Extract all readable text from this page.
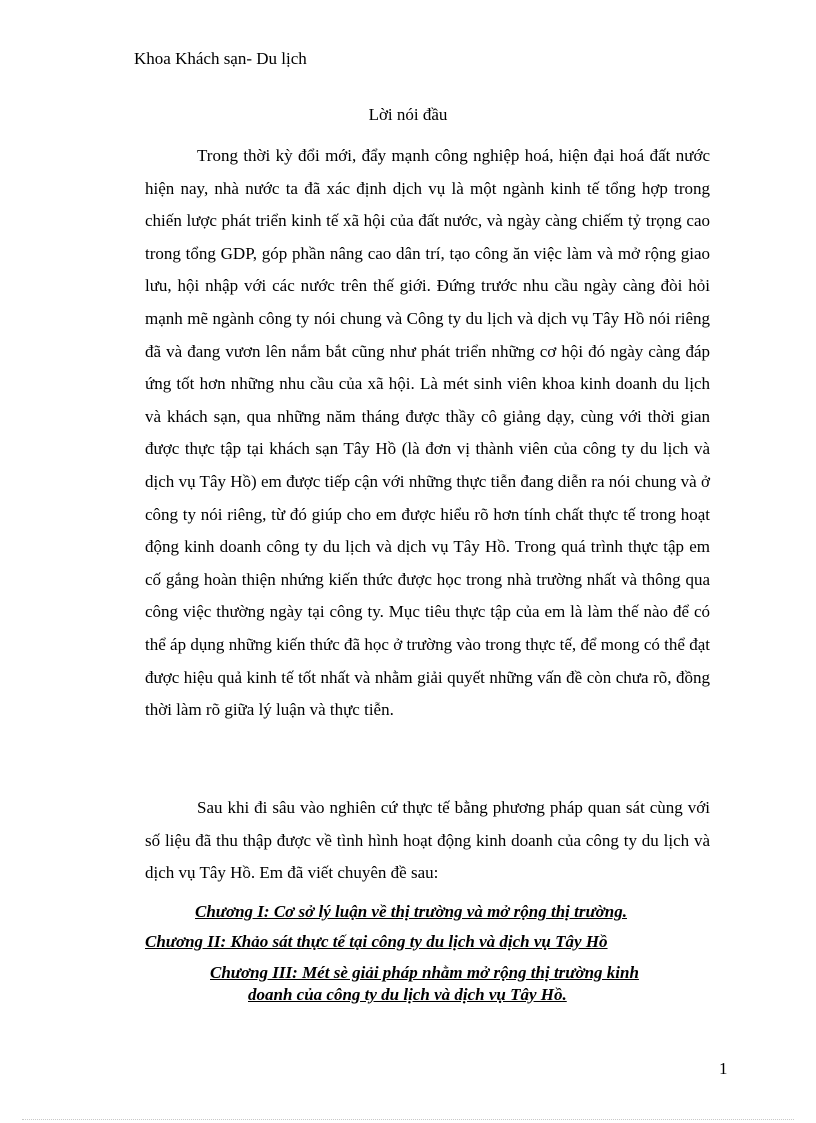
Khoa Khách sạn- Du lịch
Lời nói đầu

Trong thời kỳ đổi mới, đẩy mạnh công nghiệp hoá, hiện đại hoá đất nước hiện nay, nhà nước ta đã xác định dịch vụ là một ngành kinh tế tổng hợp trong chiến lược phát triển kinh tế xã hội của đất nước, và ngày càng chiếm tỷ trọng cao trong tổng GDP, góp phần nâng cao dân trí, tạo công ăn việc làm và mở rộng giao lưu, hội nhập với các nước trên thế giới. Đứng trước nhu cầu ngày càng đòi hỏi mạnh mẽ ngành công ty nói chung và Công ty du lịch và dịch vụ Tây Hồ nói riêng đã và đang vươn lên nắm bắt cũng như phát triển những cơ hội đó ngày càng đáp ứng tốt hơn những nhu cầu của xã hội. Là mét sinh viên khoa kinh doanh du lịch và khách sạn, qua những năm tháng được thầy cô giảng dạy, cùng với thời gian được thực tập tại khách sạn Tây Hồ (là đơn vị thành viên của công ty du lịch và dịch vụ Tây Hồ) em được tiếp cận với những thực tiễn đang diễn ra nói chung và ở công ty nói riêng, từ đó giúp cho em được hiểu rõ hơn tính chất thực tế trong hoạt động kinh doanh công ty du lịch và dịch vụ Tây Hồ. Trong quá trình thực tập em cố gắng hoàn thiện nhứng kiến thức được học trong nhà trường nhất và thông qua công việc thường ngày tại công ty. Mục tiêu thực tập của em là làm thế nào để có thể áp dụng những kiến thức đã học ở trường vào trong thực tế, để mong có thể đạt được hiệu quả kinh tế tốt nhất và nhằm giải quyết những vấn đề còn chưa rõ, đồng thời làm rõ giữa lý luận và thực tiễn.

Sau khi đi sâu vào nghiên cứ thực tế bằng phương pháp quan sát cùng với số liệu đã thu thập được về tình hình hoạt động kinh doanh của công ty du lịch và dịch vụ Tây Hồ. Em đã viết chuyên đề sau:

Chương I: Cơ sở lý luận về thị trường và mở rộng thị trường.
Chương II: Khảo sát thực tế tại công ty du lịch và dịch vụ Tây Hồ
Chương III: Mét sè giải pháp nhằm mở rộng thị trường kinh
doanh của công ty du lịch và dịch vụ Tây Hồ.
1
